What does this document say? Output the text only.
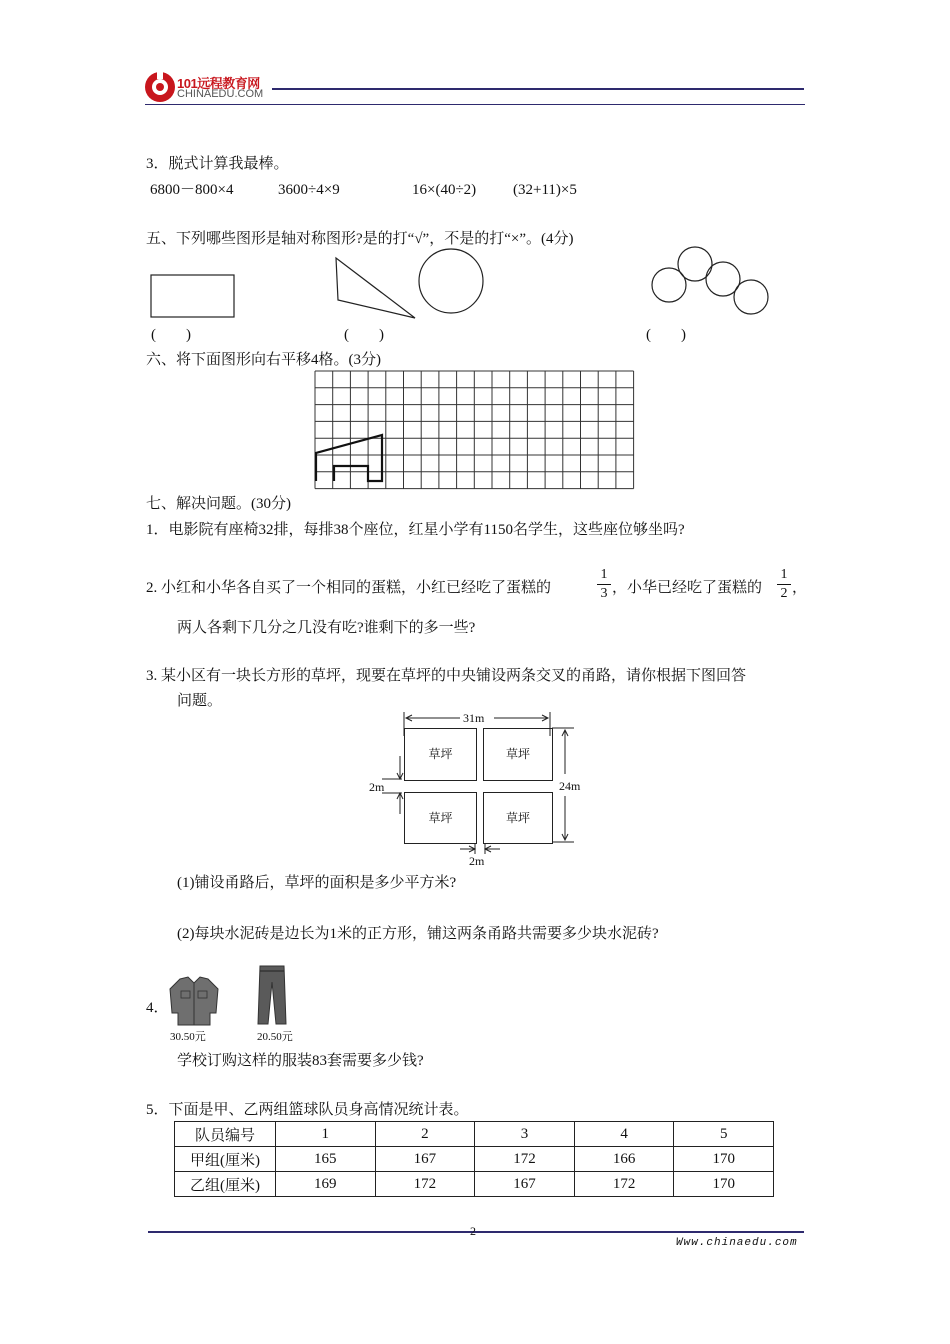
101远程教育网
CHINAEDU.COM
3．脱式计算我最棒。
6800－800×4	3600÷4×9	16×(40÷2) (32+11)×5
五、下列哪些图形是轴对称图形?是的打“√”，不是的打“×”。(4分)
(　　)	(　　)	(　　)
六、将下面图形向右平移4格。(3分)
七、解决问题。(30分)
1．电影院有座椅32排，每排38个座位，红星小学有1150名学生，这些座位够坐吗?
2. 小红和小华各自买了一个相同的蛋糕，小红已经吃了蛋糕的
1
3 ，小华已经吃了蛋糕的
1
2 ，
两人各剩下几分之几没有吃?谁剩下的多一些?
3. 某小区有一块长方形的草坪，现要在草坪的中央铺设两条交叉的甬路，请你根据下图回答
问题。
草坪	草坪
草坪	草坪
31m
24m
2m
2m
(1)铺设甬路后，草坪的面积是多少平方米?
(2)每块水泥砖是边长为1米的正方形，铺这两条甬路共需要多少块水泥砖?
4．
30.50元	20.50元
学校订购这样的服装83套需要多少钱?
5．下面是甲、乙两组篮球队员身高情况统计表。
队员编号	1	2	3	4	5
甲组(厘米)	165	167	172	166	170
乙组(厘米)	169	172	167	172	170
2
Www.chinaedu.com
